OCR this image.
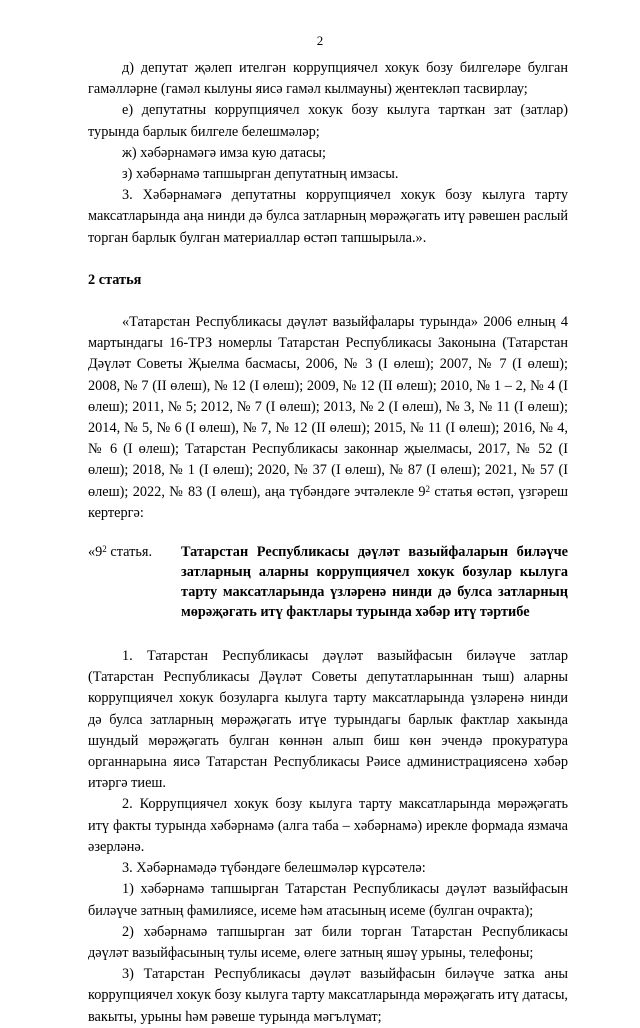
2

д) депутат җәлеп ителгән коррупциячел хокук бозу билгеләре булган гамәлләрне (гамәл кылуны яисә гамәл кылмауны) җентекләп тасвирлау;

е) депутатны коррупциячел хокук бозу кылуга тарткан зат (затлар) турында барлык билгеле белешмәләр;

ж) хәбәрнамәгә имза кую датасы;

з) хәбәрнамә тапшырган депутатның имзасы.

3. Хәбәрнамәгә депутатны коррупциячел хокук бозу кылуга тарту максатларында аңа нинди дә булса затларның мөрәҗәгать итү рәвешен раслый торган барлык булган материаллар өстәп тапшырыла.».

2 статья

«Татарстан Республикасы дәүләт вазыйфалары турында» 2006 елның 4 мартындагы 16-ТРЗ номерлы Татарстан Республикасы Законына (Татарстан Дәүләт Советы Җыелма басмасы, 2006, № 3 (I өлеш); 2007, № 7 (I өлеш); 2008, № 7 (II өлеш), № 12 (I өлеш); 2009, № 12 (II өлеш); 2010, № 1 – 2, № 4 (I өлеш); 2011, № 5; 2012, № 7 (I өлеш); 2013, № 2 (I өлеш), № 3, № 11 (I өлеш); 2014, № 5, № 6 (I өлеш), № 7, № 12 (II өлеш); 2015, № 11 (I өлеш); 2016, № 4, № 6 (I өлеш); Татарстан Республикасы законнар җыелмасы, 2017, № 52 (I өлеш); 2018, № 1 (I өлеш); 2020, № 37 (I өлеш), № 87 (I өлеш); 2021, № 57 (I өлеш); 2022, № 83 (I өлеш), аңа түбәндәге эчтәлекле $9^2$ статья өстәп, үзгәреш кертергә:

«$9^2$ статья. Татарстан Республикасы дәүләт вазыйфаларын биләүче затларның аларны коррупциячел хокук бозулар кылуга тарту максатларында үзләренә нинди дә булса затларның мөрәҗәгать итү фактлары турында хәбәр итү тәртибе

1. Татарстан Республикасы дәүләт вазыйфасын биләүче затлар (Татарстан Республикасы Дәүләт Советы депутатларыннан тыш) аларны коррупциячел хокук бозуларга кылуга тарту максатларында үзләренә нинди дә булса затларның мөрәҗәгать итүе турындагы барлык фактлар хакында шундый мөрәҗәгать булган көннән алып биш көн эчендә прокуратура органнарына яисә Татарстан Республикасы Рәисе администрациясенә хәбәр итәргә тиеш.

2. Коррупциячел хокук бозу кылуга тарту максатларында мөрәҗәгать итү факты турында хәбәрнамә (алга таба – хәбәрнамә) ирекле формада язмача әзерләнә.

3. Хәбәрнамәдә түбәндәге белешмәләр күрсәтелә:

1) хәбәрнамә тапшырган Татарстан Республикасы дәүләт вазыйфасын биләүче затның фамилиясе, исеме һәм атасының исеме (булган очракта);

2) хәбәрнамә тапшырган зат били торган Татарстан Республикасы дәүләт вазыйфасының тулы исеме, өлеге затның яшәү урыны, телефоны;

3) Татарстан Республикасы дәүләт вазыйфасын биләүче затка аны коррупциячел хокук бозу кылуга тарту максатларында мөрәҗәгать итү датасы, вакыты, урыны һәм рәвеше турында мәгълүмат;
